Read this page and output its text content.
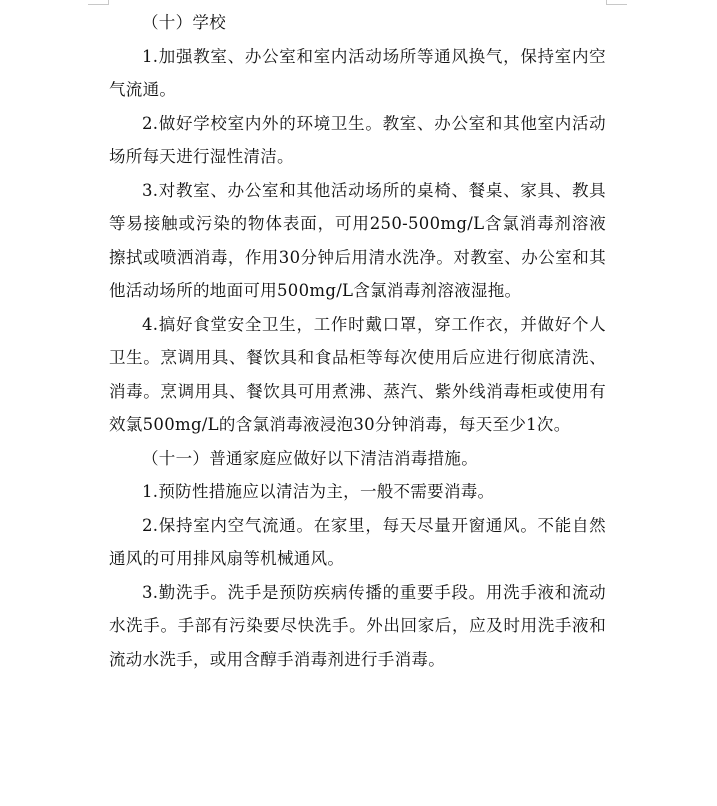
（十）学校

1.加强教室、办公室和室内活动场所等通风换气，保持室内空气流通。

2.做好学校室内外的环境卫生。教室、办公室和其他室内活动场所每天进行湿性清洁。

3.对教室、办公室和其他活动场所的桌椅、餐桌、家具、教具等易接触或污染的物体表面，可用250-500mg/L含氯消毒剂溶液擦拭或喷洒消毒，作用30分钟后用清水洗净。对教室、办公室和其他活动场所的地面可用500mg/L含氯消毒剂溶液湿拖。

4.搞好食堂安全卫生，工作时戴口罩，穿工作衣，并做好个人卫生。烹调用具、餐饮具和食品柜等每次使用后应进行彻底清洗、消毒。烹调用具、餐饮具可用煮沸、蒸汽、紫外线消毒柜或使用有效氯500mg/L的含氯消毒液浸泡30分钟消毒，每天至少1次。

（十一）普通家庭应做好以下清洁消毒措施。

1.预防性措施应以清洁为主，一般不需要消毒。

2.保持室内空气流通。在家里，每天尽量开窗通风。不能自然通风的可用排风扇等机械通风。

3.勤洗手。洗手是预防疾病传播的重要手段。用洗手液和流动水洗手。手部有污染要尽快洗手。外出回家后，应及时用洗手液和流动水洗手，或用含醇手消毒剂进行手消毒。
